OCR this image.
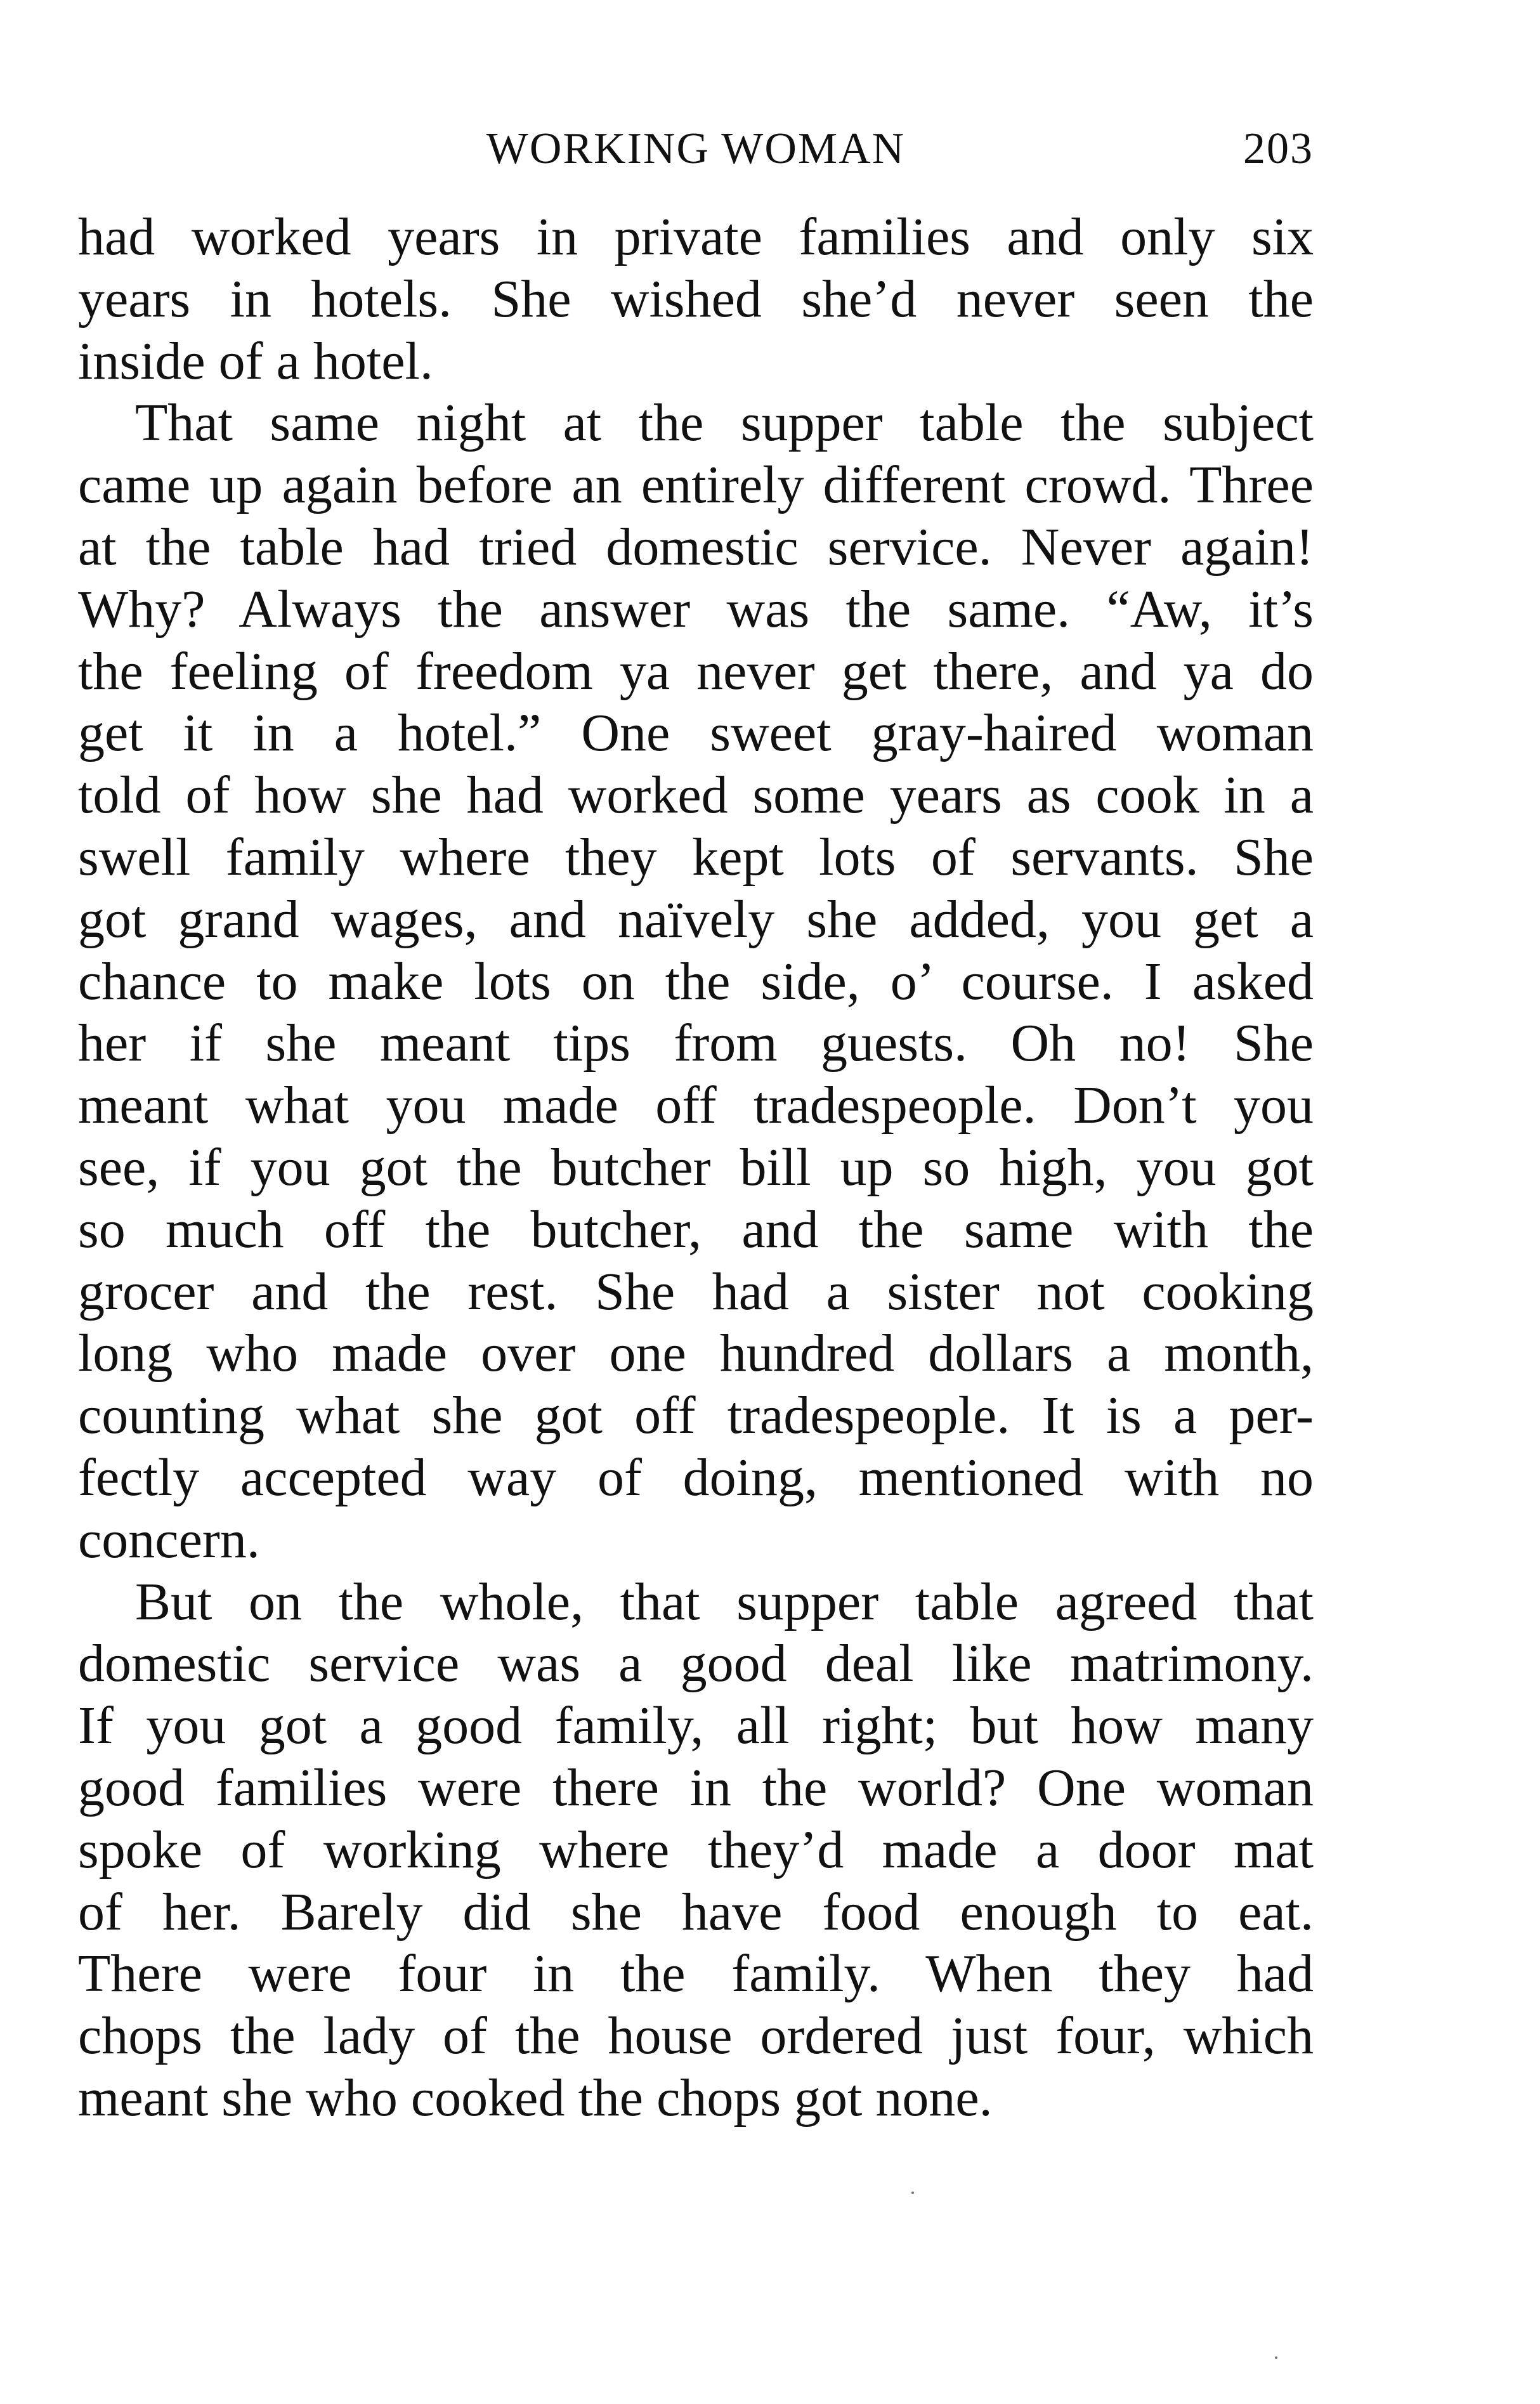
WORKING WOMAN	203

had worked years in private families and only six
years in hotels. She wished she’d never seen the
inside of a hotel.

That same night at the supper table the subject
came up again before an entirely different crowd. Three
at the table had tried domestic service. Never again!
Why? Always the answer was the same. “Aw, it’s
the feeling of freedom ya never get there, and ya do
get it in a hotel.” One sweet gray-haired woman
told of how she had worked some years as cook in a
swell family where they kept lots of servants. She
got grand wages, and naïvely she added, you get a
chance to make lots on the side, o’ course. I asked
her if she meant tips from guests. Oh no! She
meant what you made off tradespeople. Don’t you
see, if you got the butcher bill up so high, you got
so much off the butcher, and the same with the
grocer and the rest. She had a sister not cooking
long who made over one hundred dollars a month,
counting what she got off tradespeople. It is a per-
fectly accepted way of doing, mentioned with no
concern.

But on the whole, that supper table agreed that
domestic service was a good deal like matrimony.
If you got a good family, all right; but how many
good families were there in the world? One woman
spoke of working where they’d made a door mat
of her. Barely did she have food enough to eat.
There were four in the family. When they had
chops the lady of the house ordered just four, which
meant she who cooked the chops got none.
